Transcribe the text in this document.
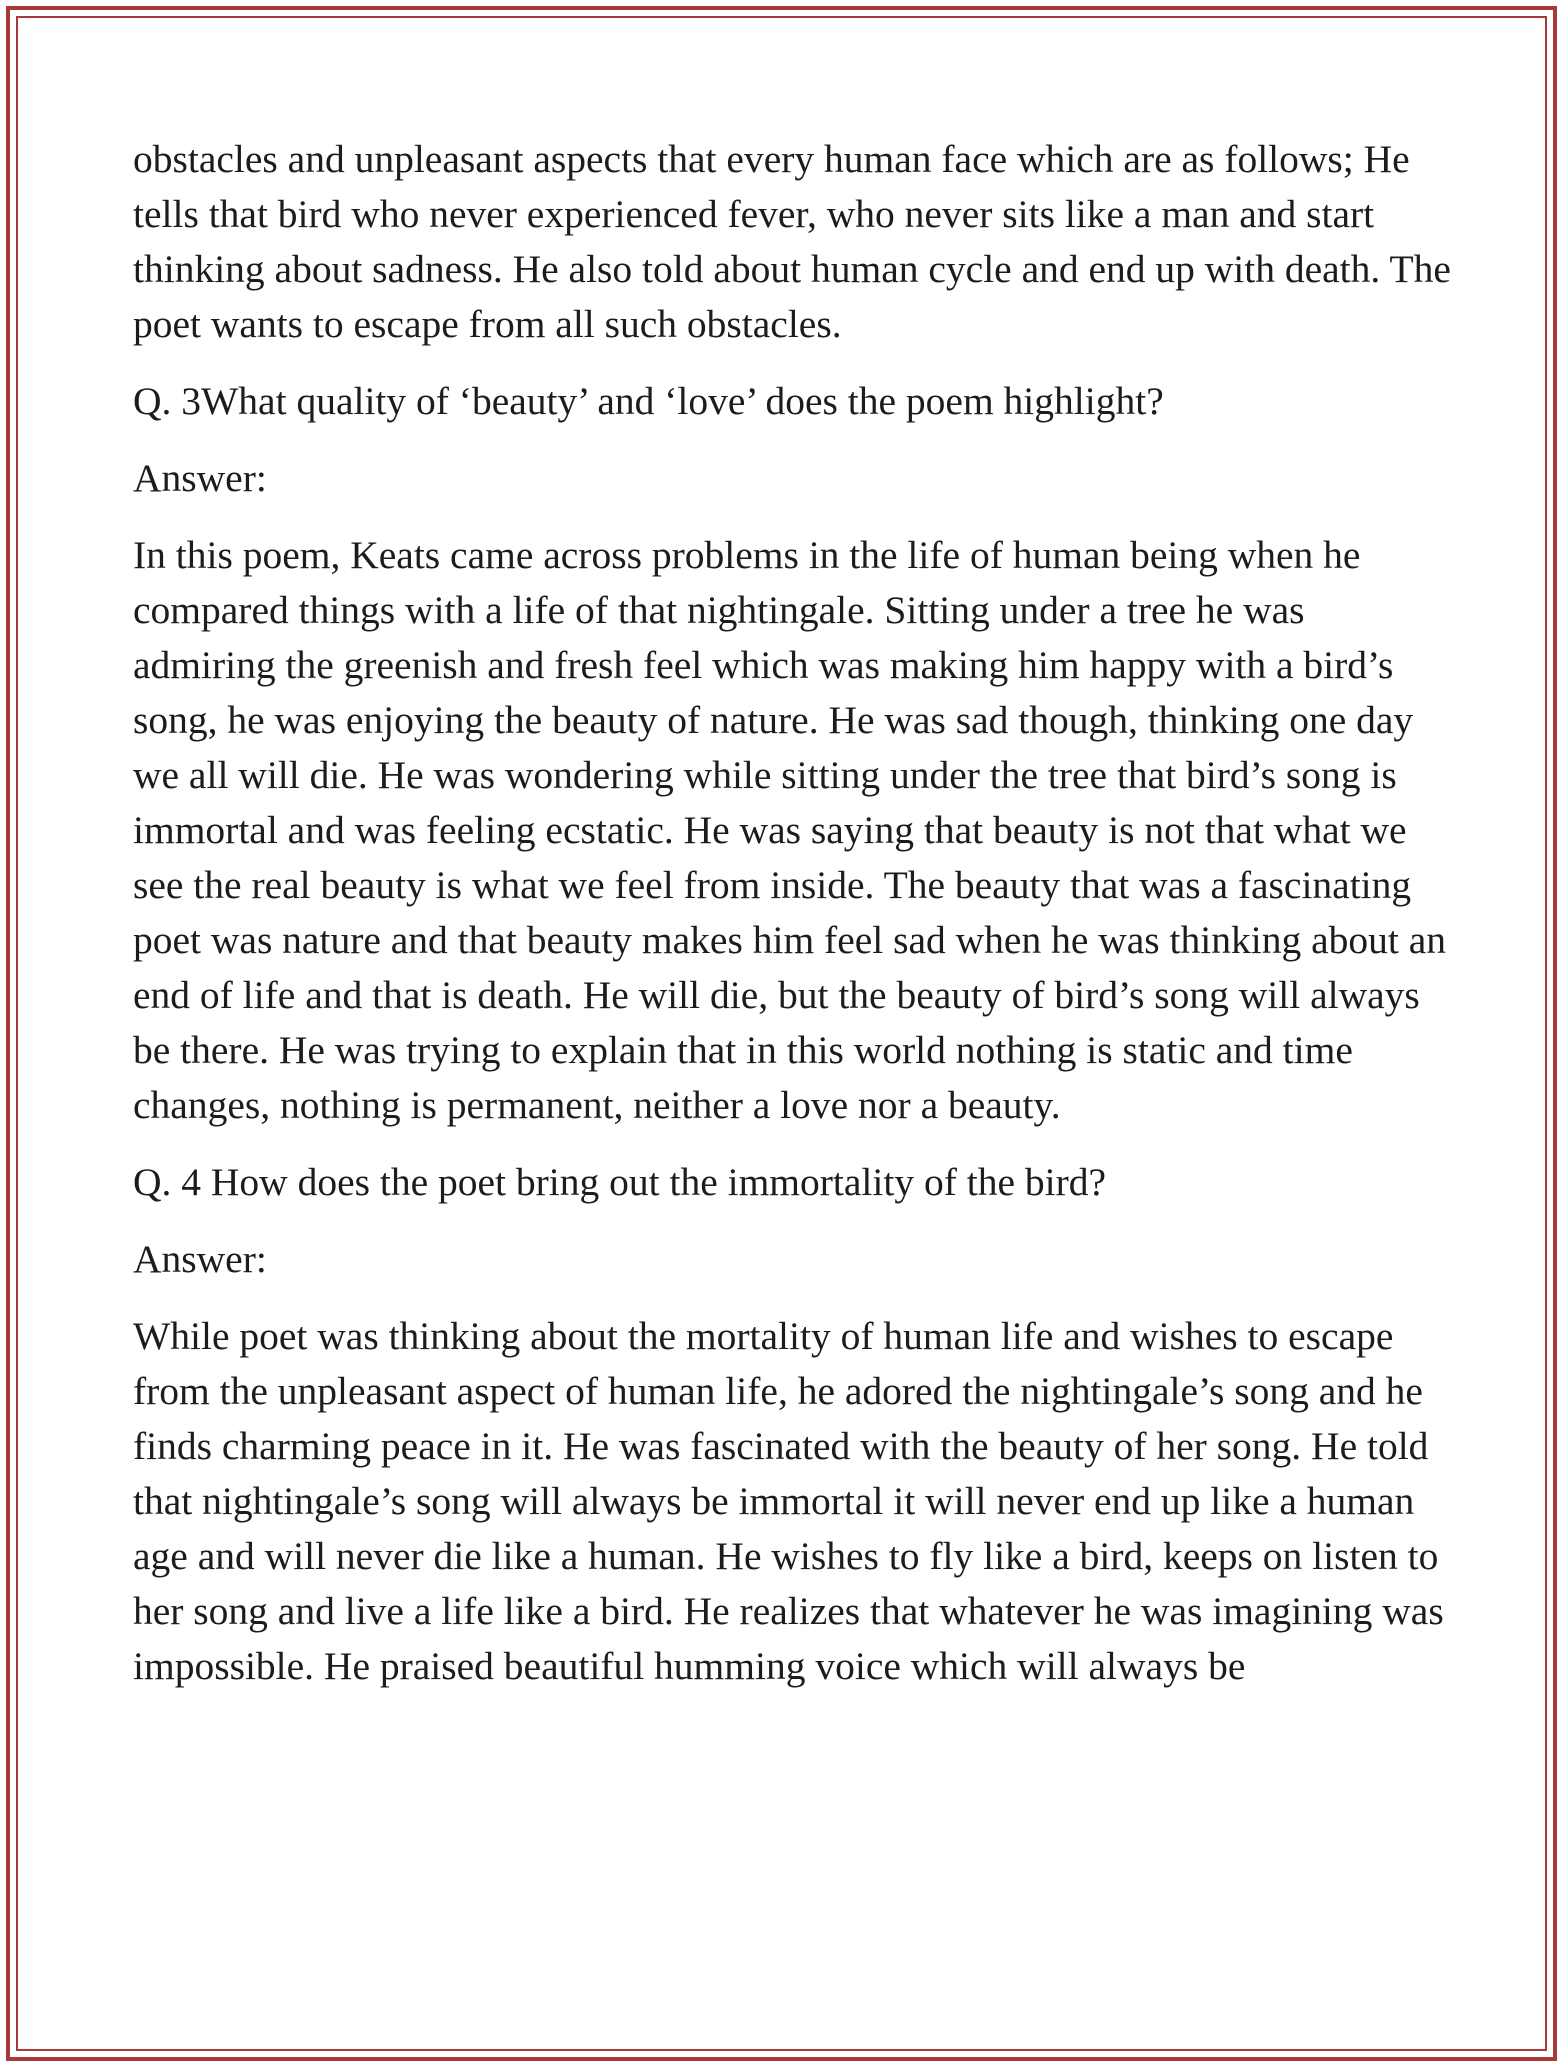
obstacles and unpleasant aspects that every human face which are as follows; He tells that bird who never experienced fever, who never sits like a man and start thinking about sadness. He also told about human cycle and end up with death. The poet wants to escape from all such obstacles.

Q. 3What quality of ‘beauty’ and ‘love’ does the poem highlight?

Answer:

In this poem, Keats came across problems in the life of human being when he compared things with a life of that nightingale. Sitting under a tree he was admiring the greenish and fresh feel which was making him happy with a bird’s song, he was enjoying the beauty of nature. He was sad though, thinking one day we all will die. He was wondering while sitting under the tree that bird’s song is immortal and was feeling ecstatic. He was saying that beauty is not that what we see the real beauty is what we feel from inside. The beauty that was a fascinating poet was nature and that beauty makes him feel sad when he was thinking about an end of life and that is death. He will die, but the beauty of bird’s song will always be there. He was trying to explain that in this world nothing is static and time changes, nothing is permanent, neither a love nor a beauty.

Q. 4 How does the poet bring out the immortality of the bird?

Answer:

While poet was thinking about the mortality of human life and wishes to escape from the unpleasant aspect of human life, he adored the nightingale’s song and he finds charming peace in it. He was fascinated with the beauty of her song. He told that nightingale’s song will always be immortal it will never end up like a human age and will never die like a human. He wishes to fly like a bird, keeps on listen to her song and live a life like a bird. He realizes that whatever he was imagining was impossible. He praised beautiful humming voice which will always be
